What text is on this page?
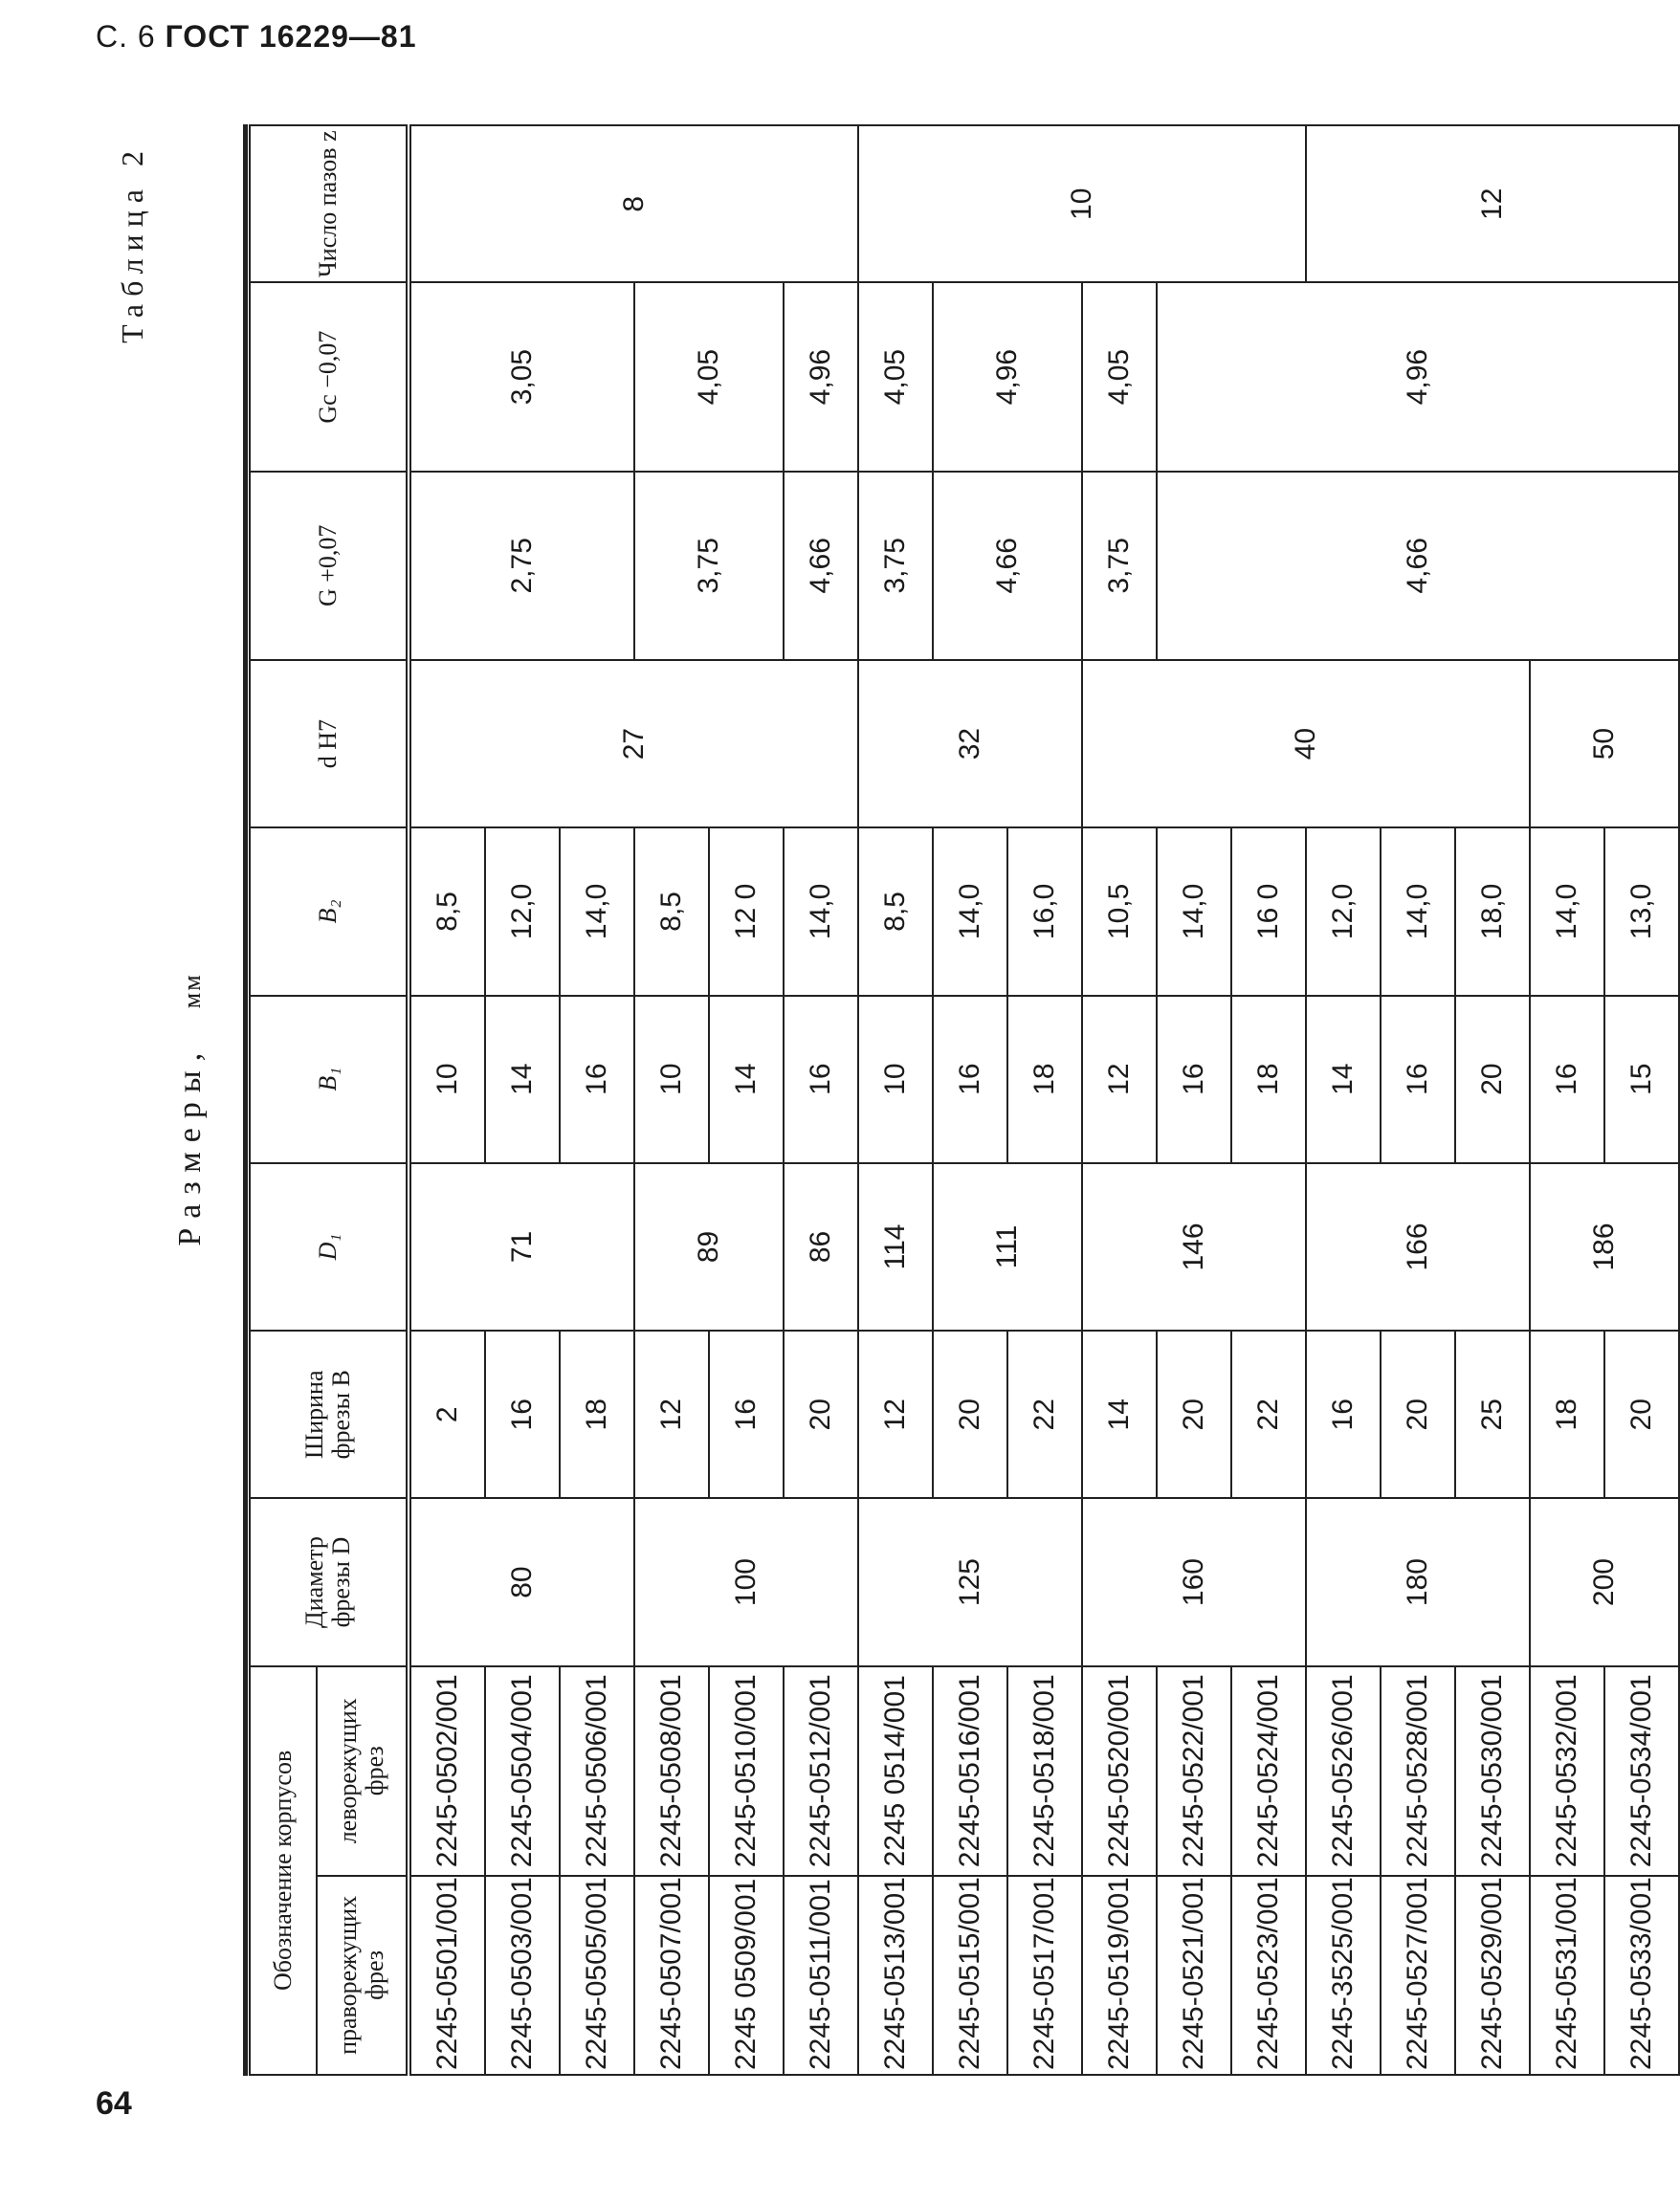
С. 6 ГОСТ 16229—81
Таблица 2
Размеры, мм
Обозначение корпусов		Диаметр фрезы D	Ширина фрезы B	D₁	B₁	B₂	d H7	G +0,07	Gc −0,07	Число пазов z
праворежущих фрез	леворежущих фрез									
2245-0501/001	2245-0502/001	80	2	71	10	8,5	27	2,75	3,05	8
2245-0503/001	2245-0504/001		16		14	12,0				
2245-0505/001	2245-0506/001		18		16	14,0				
2245-0507/001	2245-0508/001	100	12	89	10	8,5		3,75	4,05	
2245 0509/001	2245-0510/001		16		14	12 0				
2245-0511/001	2245-0512/001		20	86	16	14,0		4,66	4,96	
2245-0513/001	2245 0514/001	125	12	114	10	8,5	32	3,75	4,05	10
2245-0515/001	2245-0516/001		20	111	16	14,0		4,66	4,96	
2245-0517/001	2245-0518/001		22		18	16,0				
2245-0519/001	2245-0520/001	160	14	146	12	10,5	40	3,75	4,05	
2245-0521/001	2245-0522/001		20		16	14,0		4,66	4,96	
2245-0523/001	2245-0524/001		22		18	16 0				
2245-3525/001	2245-0526/001	180	16	166	14	12,0				12
2245-0527/001	2245-0528/001		20		16	14,0				
2245-0529/001	2245-0530/001		25		20	18,0				
2245-0531/001	2245-0532/001	200	18	186	16	14,0	50			
2245-0533/001	2245-0534/001		20		15	13,0				
64
